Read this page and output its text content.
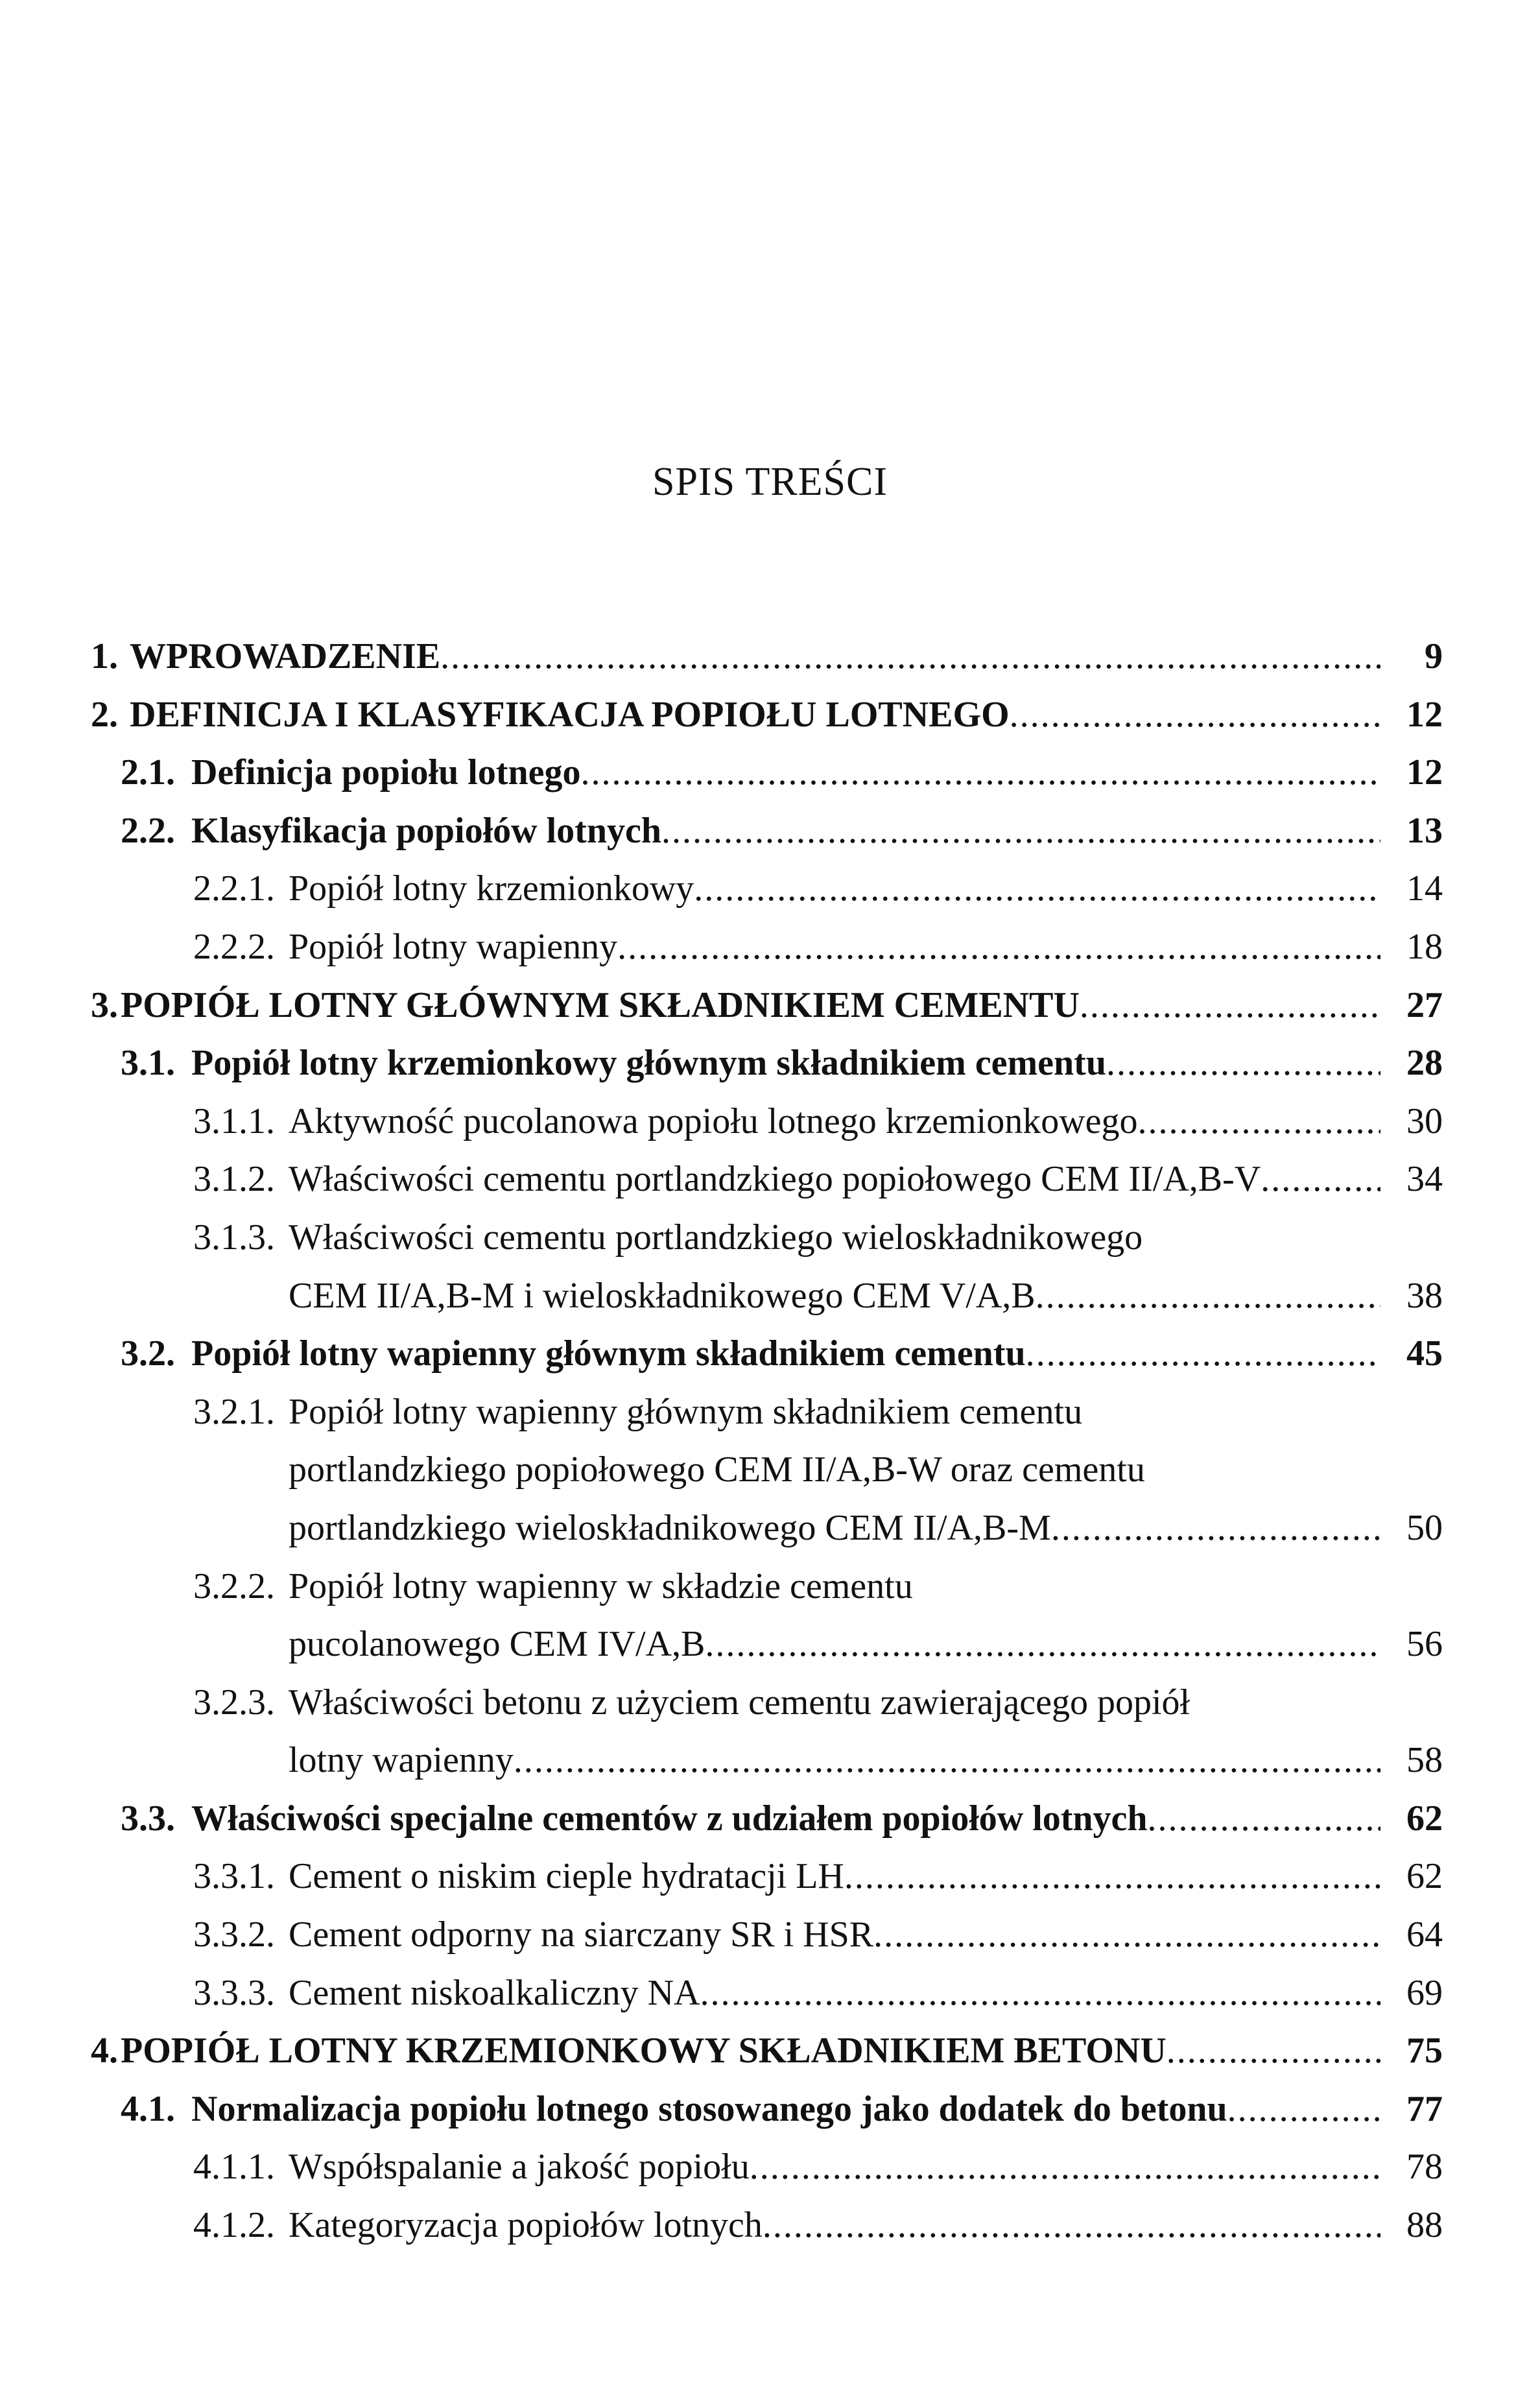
SPIS TREŚCI
1. WPROWADZENIE . . .	9
2. DEFINICJA I KLASYFIKACJA POPIOŁU LOTNEGO . . .	12
2.1. Definicja popiołu lotnego . . .	12
2.2. Klasyfikacja popiołów lotnych . . .	13
2.2.1. Popiół lotny krzemionkowy . . .	14
2.2.2. Popiół lotny wapienny . . .	18
3. POPIÓŁ LOTNY GŁÓWNYM SKŁADNIKIEM CEMENTU . . .	27
3.1. Popiół lotny krzemionkowy głównym składnikiem cementu . . .	28
3.1.1. Aktywność pucolanowa popiołu lotnego krzemionkowego . . .	30
3.1.2. Właściwości cementu portlandzkiego popiołowego CEM II/A,B-V . . .	34
3.1.3. Właściwości cementu portlandzkiego wieloskładnikowego
CEM II/A,B-M i wieloskładnikowego CEM V/A,B . . .	38
3.2. Popiół lotny wapienny głównym składnikiem cementu . . .	45
3.2.1. Popiół lotny wapienny głównym składnikiem cementu
portlandzkiego popiołowego CEM II/A,B-W oraz cementu
portlandzkiego wieloskładnikowego CEM II/A,B-M . . .	50
3.2.2. Popiół lotny wapienny w składzie cementu
pucolanowego CEM IV/A,B . . .	56
3.2.3. Właściwości betonu z użyciem cementu zawierającego popiół
lotny wapienny . . .	58
3.3. Właściwości specjalne cementów z udziałem popiołów lotnych . . .	62
3.3.1. Cement o niskim cieple hydratacji LH . . .	62
3.3.2. Cement odporny na siarczany SR i HSR . . .	64
3.3.3. Cement niskoalkaliczny NA . . .	69
4. POPIÓŁ LOTNY KRZEMIONKOWY SKŁADNIKIEM BETONU . . .	75
4.1. Normalizacja popiołu lotnego stosowanego jako dodatek do betonu . . .	77
4.1.1. Współspalanie a jakość popiołu . . .	78
4.1.2. Kategoryzacja popiołów lotnych . . .	88
